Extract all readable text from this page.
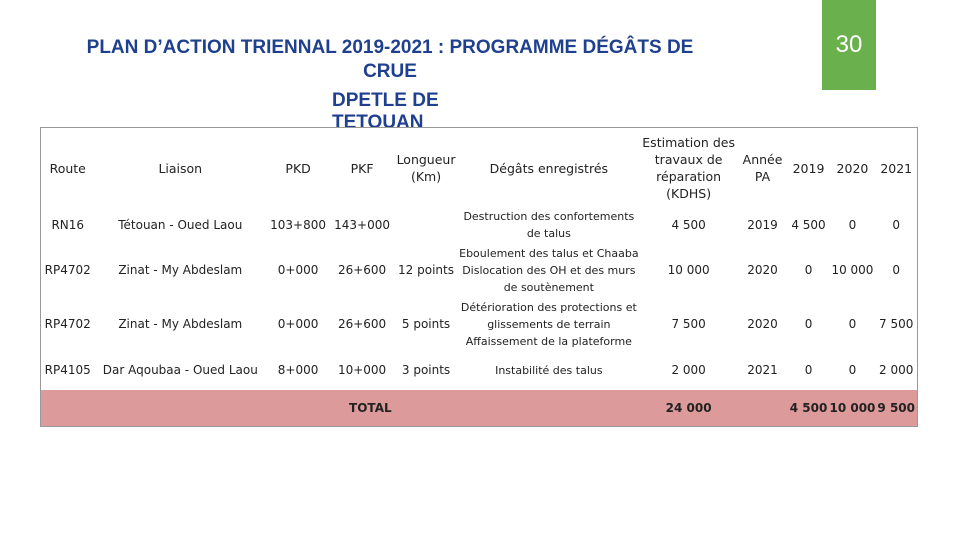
PLAN D’ACTION TRIENNAL 2019-2021 : PROGRAMME DÉGÂTS DE CRUE
DPETLE DE TETOUAN
30
Route	Liaison	PKD	PKF	Longueur (Km)	Dégâts enregistrés	Estimation des travaux de réparation (KDHS)	Année PA	2019	2020	2021
RN16	Tétouan - Oued Laou	103+800	143+000		Destruction des confortements de talus	4 500	2019	4 500	0	0
RP4702	Zinat - My Abdeslam	0+000	26+600	12 points	Eboulement des talus et Chaaba Dislocation des OH et des murs de soutènement	10 000	2020	0	10 000	0
RP4702	Zinat - My Abdeslam	0+000	26+600	5 points	Détérioration des protections et glissements de terrain Affaissement de la plateforme	7 500	2020	0	0	7 500
RP4105	Dar Aqoubaa - Oued Laou	8+000	10+000	3 points	Instabilité des talus	2 000	2021	0	0	2 000
TOTAL						24 000		4 500	10 000	9 500
